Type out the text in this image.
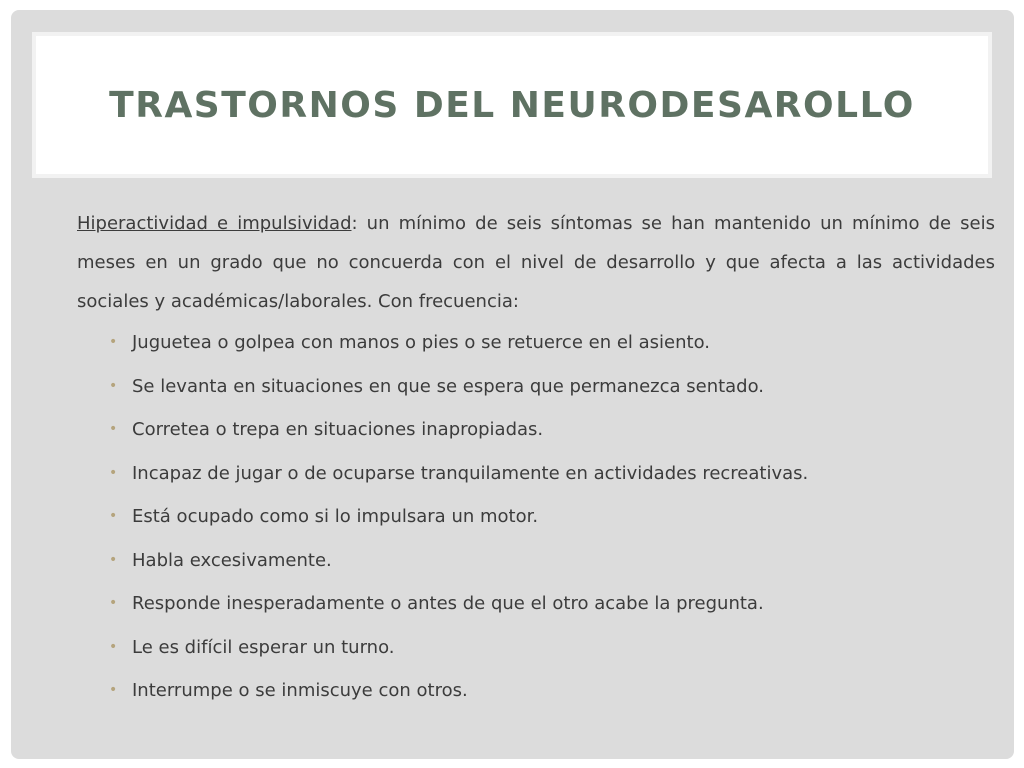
TRASTORNOS DEL NEURODESAROLLO

Hiperactividad e impulsividad: un mínimo de seis síntomas se han mantenido un mínimo de seis meses en un grado que no concuerda con el nivel de desarrollo y que afecta a las actividades sociales y académicas/laborales. Con frecuencia:

• Juguetea o golpea con manos o pies o se retuerce en el asiento.
• Se levanta en situaciones en que se espera que permanezca sentado.
• Corretea o trepa en situaciones inapropiadas.
• Incapaz de jugar o de ocuparse tranquilamente en actividades recreativas.
• Está ocupado como si lo impulsara un motor.
• Habla excesivamente.
• Responde inesperadamente o antes de que el otro acabe la pregunta.
• Le es difícil esperar un turno.
• Interrumpe o se inmiscuye con otros.
